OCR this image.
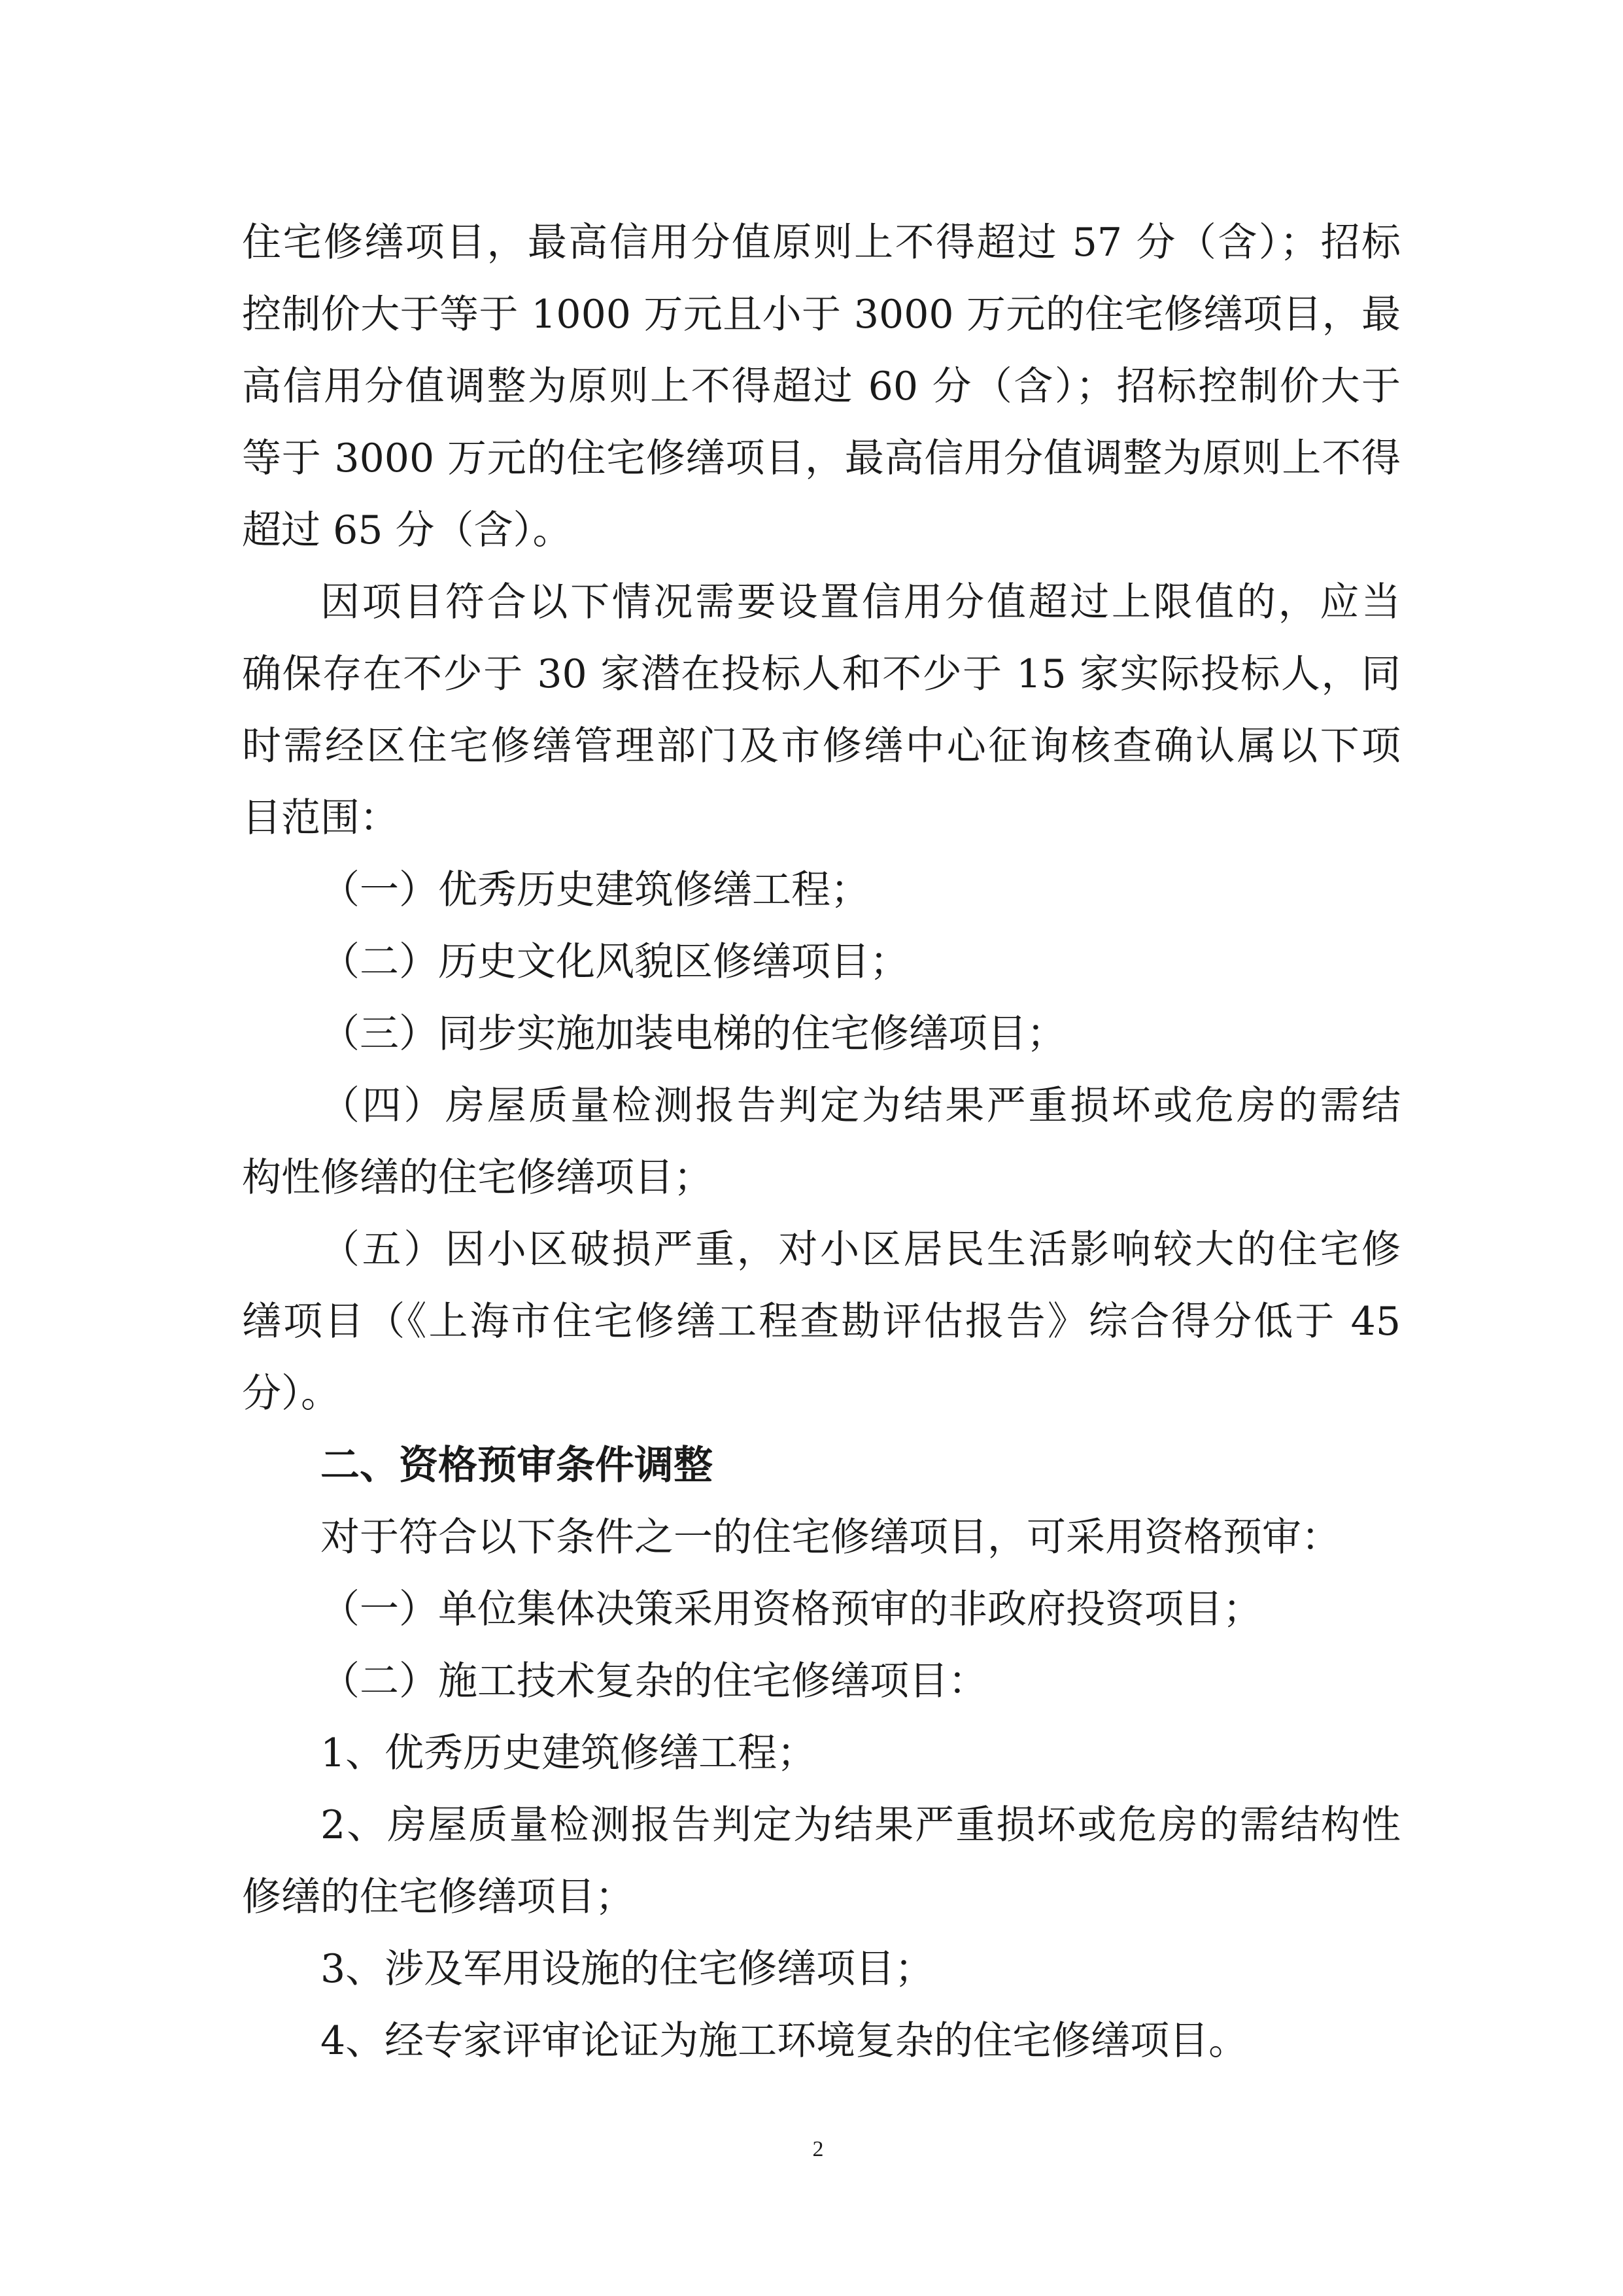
住宅修缮项目，最高信用分值原则上不得超过 57 分（含）；招标

控制价大于等于 1000 万元且小于 3000 万元的住宅修缮项目，最

高信用分值调整为原则上不得超过 60 分（含）；招标控制价大于

等于 3000 万元的住宅修缮项目，最高信用分值调整为原则上不得

超过 65 分（含）。

因项目符合以下情况需要设置信用分值超过上限值的，应当

确保存在不少于 30 家潜在投标人和不少于 15 家实际投标人，同

时需经区住宅修缮管理部门及市修缮中心征询核查确认属以下项

目范围：

（一）优秀历史建筑修缮工程；

（二）历史文化风貌区修缮项目；

（三）同步实施加装电梯的住宅修缮项目；

（四）房屋质量检测报告判定为结果严重损坏或危房的需结

构性修缮的住宅修缮项目；

（五）因小区破损严重，对小区居民生活影响较大的住宅修

缮项目（《上海市住宅修缮工程查勘评估报告》综合得分低于 45

分）。

二、资格预审条件调整

对于符合以下条件之一的住宅修缮项目，可采用资格预审：

（一）单位集体决策采用资格预审的非政府投资项目；

（二）施工技术复杂的住宅修缮项目：

1、优秀历史建筑修缮工程；

2、房屋质量检测报告判定为结果严重损坏或危房的需结构性

修缮的住宅修缮项目；

3、涉及军用设施的住宅修缮项目；

4、经专家评审论证为施工环境复杂的住宅修缮项目。

2
